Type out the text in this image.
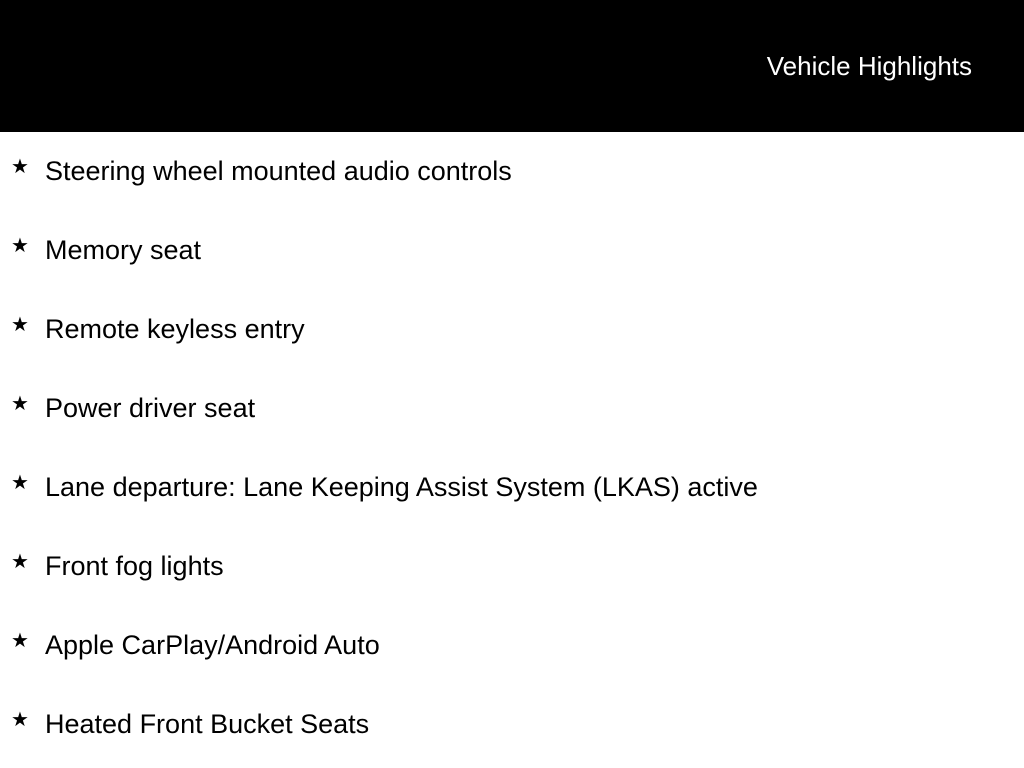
Vehicle Highlights
★ Steering wheel mounted audio controls
★ Memory seat
★ Remote keyless entry
★ Power driver seat
★ Lane departure: Lane Keeping Assist System (LKAS) active
★ Front fog lights
★ Apple CarPlay/Android Auto
★ Heated Front Bucket Seats
